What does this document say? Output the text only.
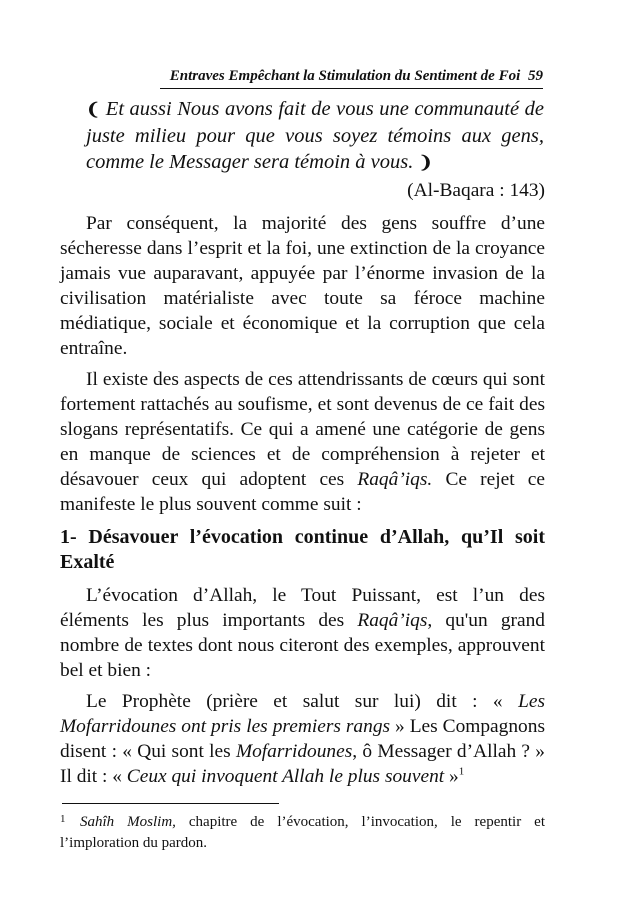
Entraves Empêchant la Stimulation du Sentiment de Foi 59
❨ Et aussi Nous avons fait de vous une communauté de juste milieu pour que vous soyez témoins aux gens, comme le Messager sera témoin à vous. ❩
(Al-Baqara : 143)

Par conséquent, la majorité des gens souffre d’une sécheresse dans l’esprit et la foi, une extinction de la croyance jamais vue auparavant, appuyée par l’énorme invasion de la civilisation matérialiste avec toute sa féroce machine médiatique, sociale et économique et la corruption que cela entraîne.

Il existe des aspects de ces attendrissants de cœurs qui sont fortement rattachés au soufisme, et sont devenus de ce fait des slogans représentatifs. Ce qui a amené une catégorie de gens en manque de sciences et de compréhension à rejeter et désavouer ceux qui adoptent ces Raqâ’iqs. Ce rejet ce manifeste le plus souvent comme suit :

1- Désavouer l’évocation continue d’Allah, qu’Il soit Exalté

L’évocation d’Allah, le Tout Puissant, est l’un des éléments les plus importants des Raqâ’iqs, qu'un grand nombre de textes dont nous citeront des exemples, approuvent bel et bien :

Le Prophète (prière et salut sur lui) dit : « Les Mofarridounes ont pris les premiers rangs » Les Compagnons disent : « Qui sont les Mofarridounes, ô Messager d’Allah ? » Il dit : « Ceux qui invoquent Allah le plus souvent »$^1$

1 Sahîh Moslim, chapitre de l’évocation, l’invocation, le repentir et l’imploration du pardon.
